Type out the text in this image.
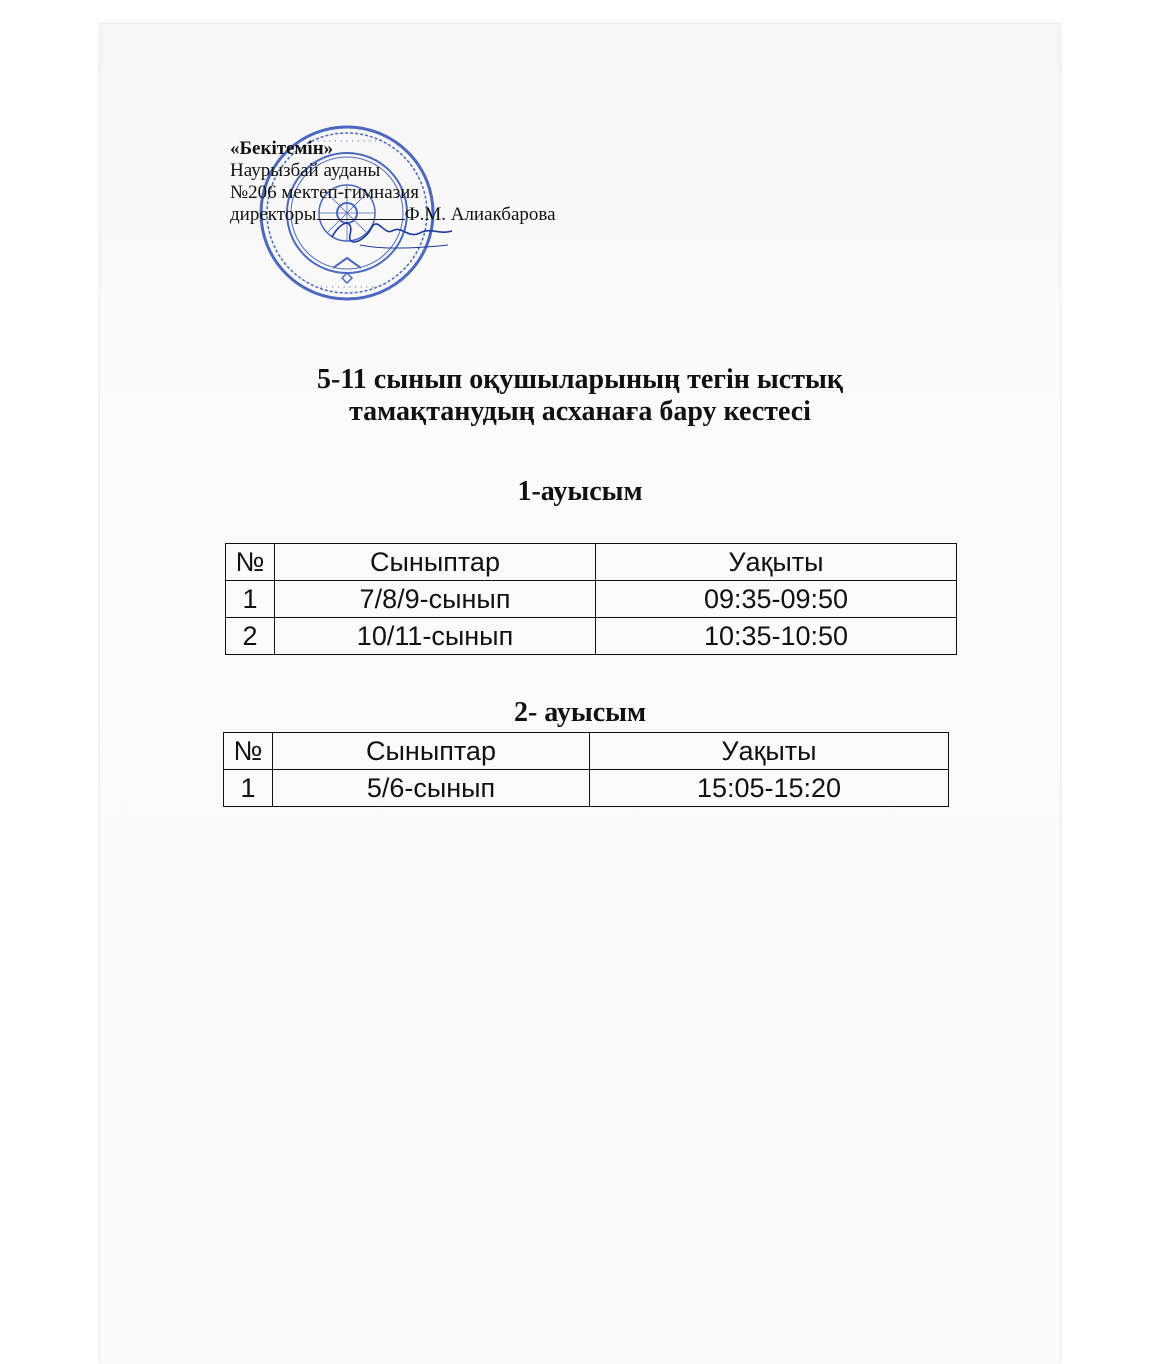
· · · · · · · · · · ·
· · · · · · · · · ·
«Бекітемін»
Наурызбай ауданы
№206 мектеп-гимназия
директоры	Ф.М. Алиакбарова
5-11 сынып оқушыларының тегін ыстық
тамақтанудың асханаға бару кестесі
1-ауысым
№	Сыныптар	Уақыты
1	7/8/9-сынып	09:35-09:50
2	10/11-сынып	10:35-10:50
2- ауысым
№	Сыныптар	Уақыты
1	5/6-сынып	15:05-15:20
